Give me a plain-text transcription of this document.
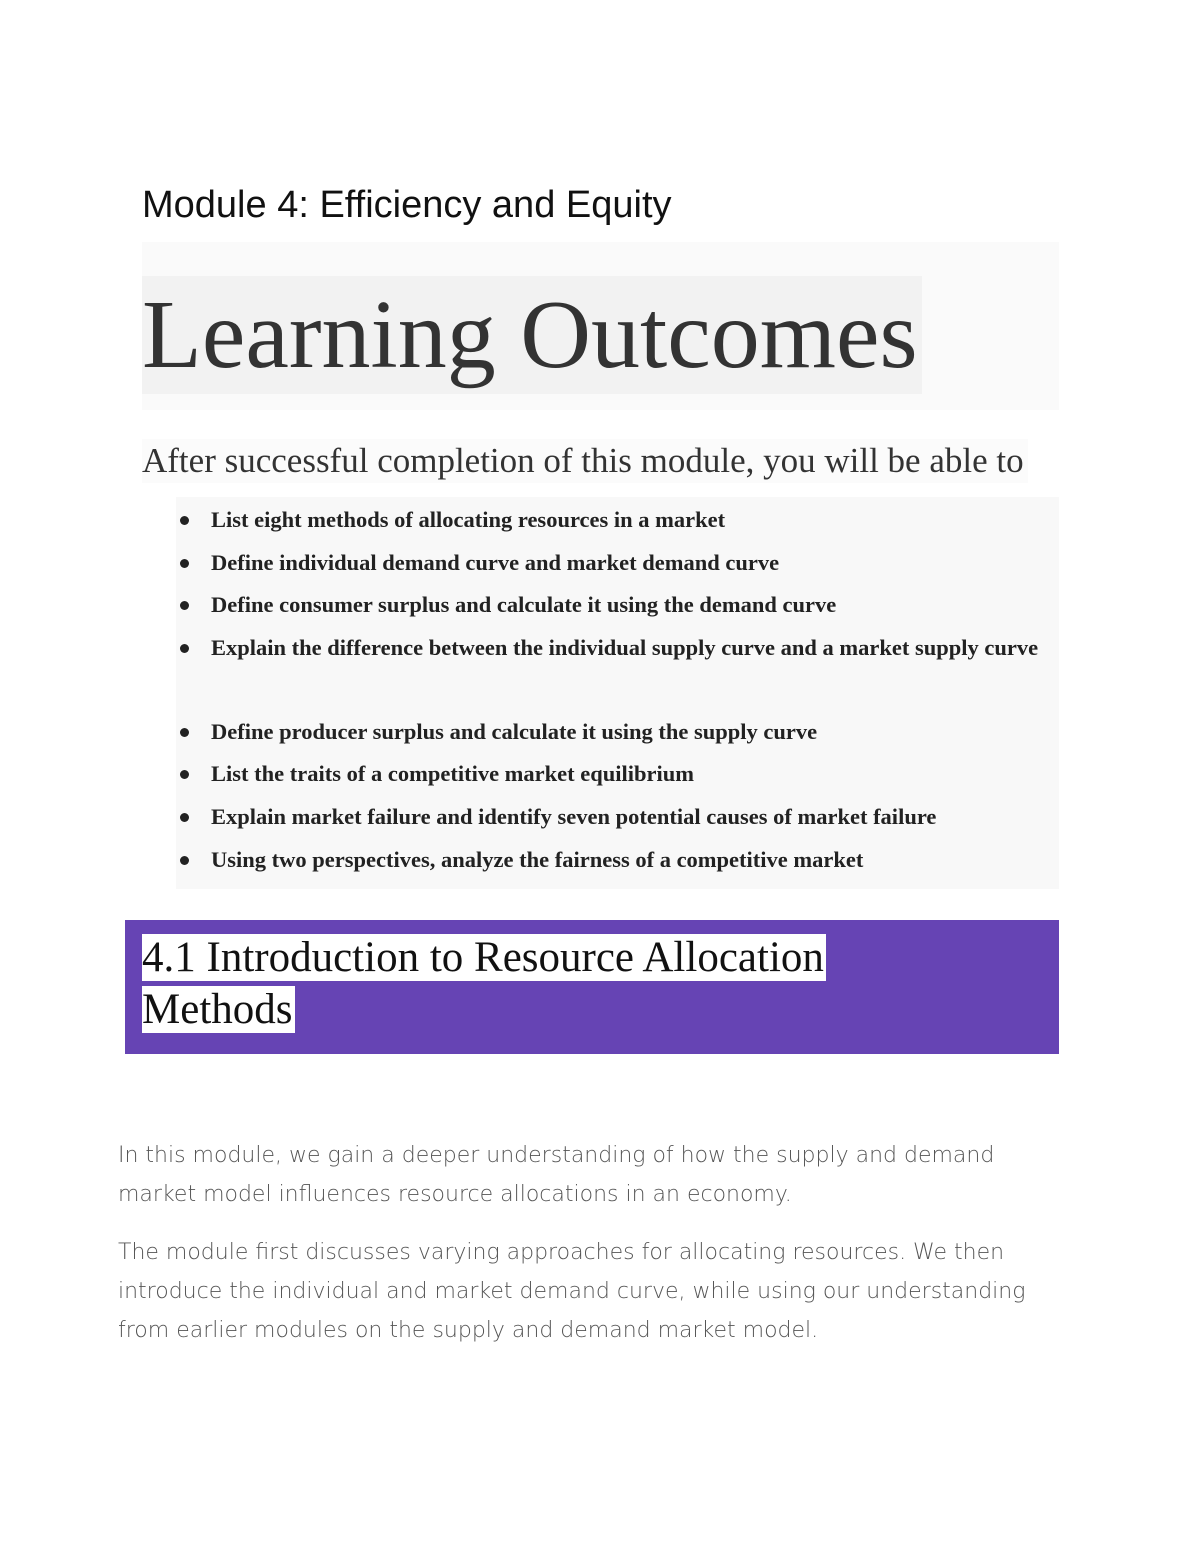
Module 4: Efficiency and Equity
Learning Outcomes

After successful completion of this module, you will be able to

List eight methods of allocating resources in a market
Define individual demand curve and market demand curve
Define consumer surplus and calculate it using the demand curve
Explain the difference between the individual supply curve and a market supply curve
Define producer surplus and calculate it using the supply curve
List the traits of a competitive market equilibrium
Explain market failure and identify seven potential causes of market failure
Using two perspectives, analyze the fairness of a competitive market
4.1 Introduction to Resource Allocation Methods

In this module, we gain a deeper understanding of how the supply and demand market model influences resource allocations in an economy.

The module first discusses varying approaches for allocating resources. We then introduce the individual and market demand curve, while using our understanding from earlier modules on the supply and demand market model.
